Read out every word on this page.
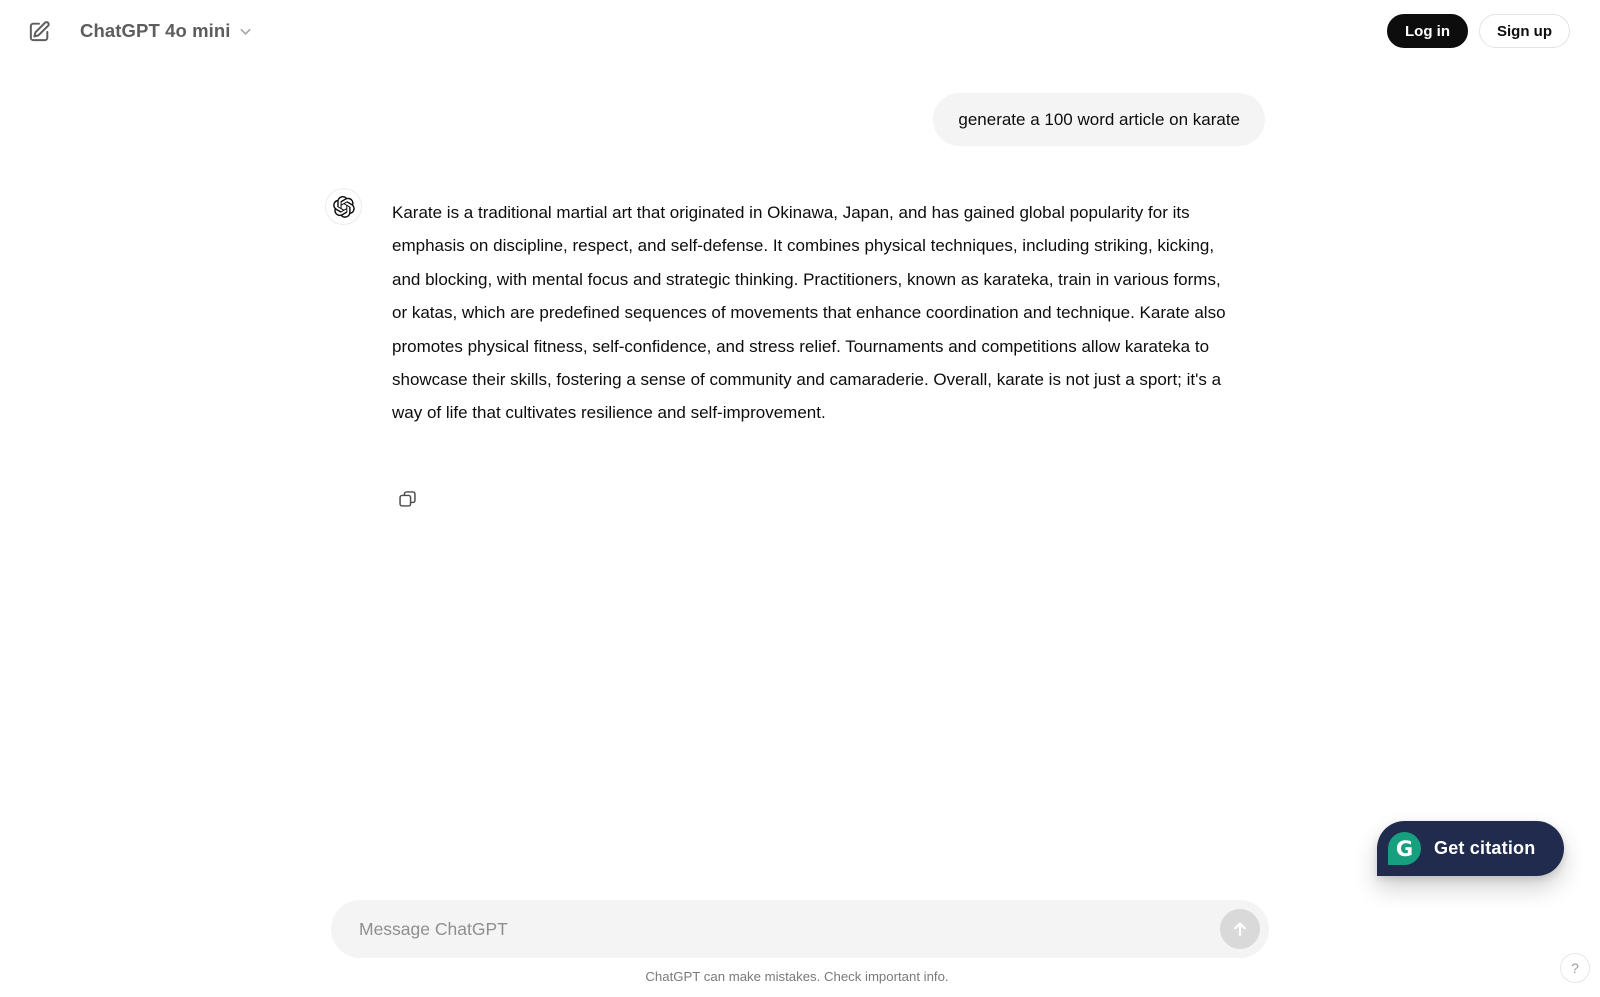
ChatGPT 4o mini	Log in	Sign up
generate a 100 word article on karate
Karate is a traditional martial art that originated in Okinawa, Japan, and has gained global popularity for its emphasis on discipline, respect, and self-defense. It combines physical techniques, including striking, kicking, and blocking, with mental focus and strategic thinking. Practitioners, known as karateka, train in various forms, or katas, which are predefined sequences of movements that enhance coordination and technique. Karate also promotes physical fitness, self-confidence, and stress relief. Tournaments and competitions allow karateka to showcase their skills, fostering a sense of community and camaraderie. Overall, karate is not just a sport; it's a way of life that cultivates resilience and self-improvement.
Message ChatGPT
ChatGPT can make mistakes. Check important info.
G	Get citation
?
